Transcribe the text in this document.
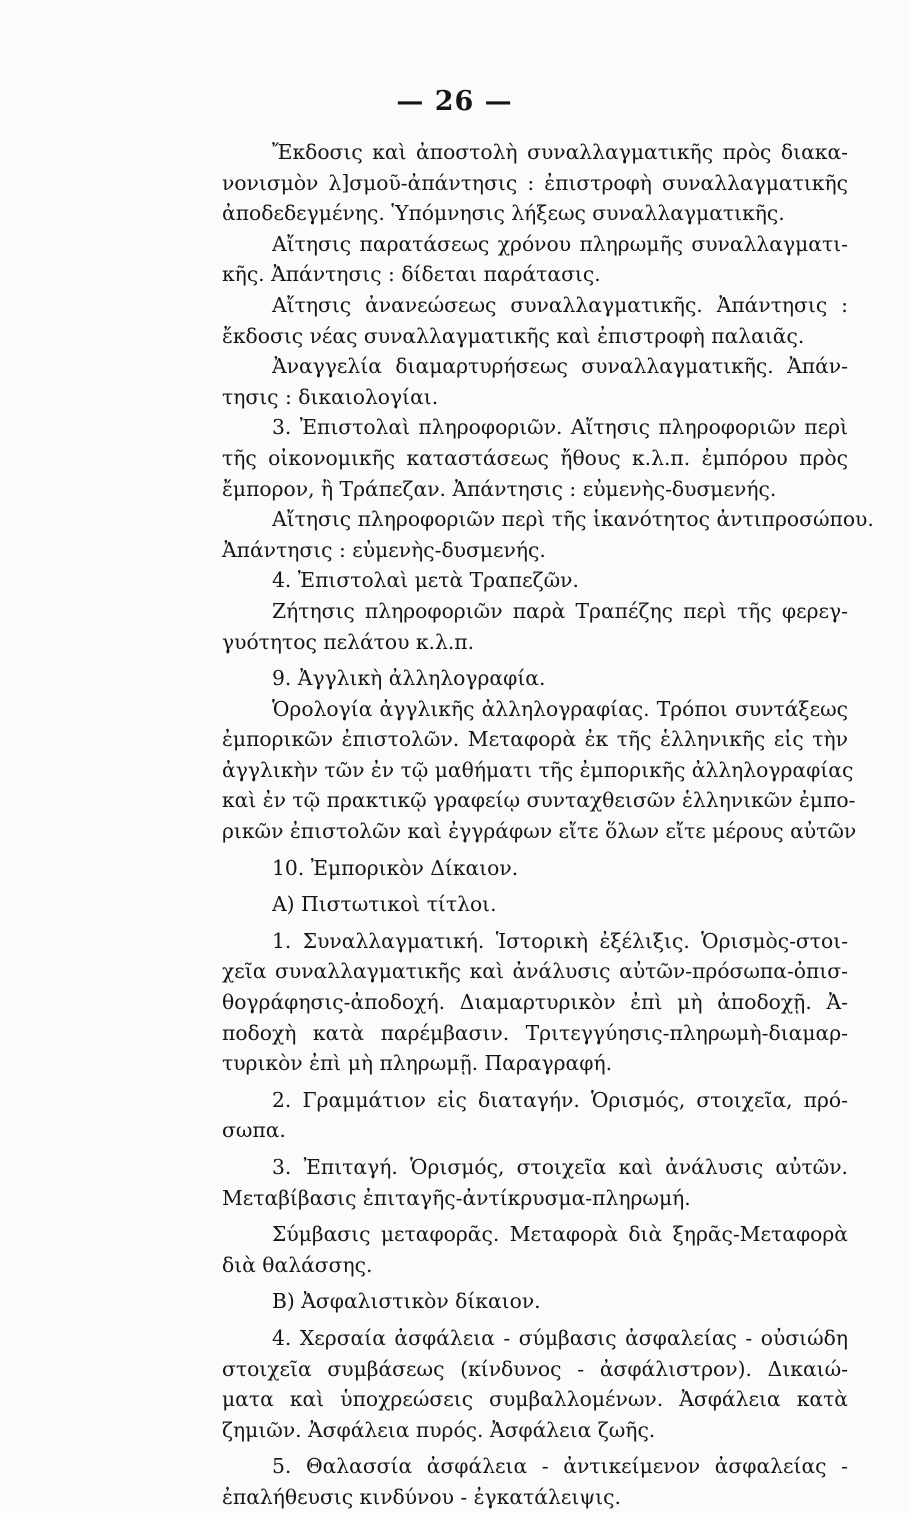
— 26 —
Ἔκδοσις καὶ ἀποστολὴ συναλλαγματικῆς πρὸς διακα-
νονισμὸν λ]σμοῦ-ἀπάντησις : ἐπιστροφὴ συναλλαγματικῆς
ἀποδεδεγμένης. Ὑπόμνησις λήξεως συναλλαγματικῆς.
Αἴτησις παρατάσεως χρόνου πληρωμῆς συναλλαγματι-
κῆς. Ἀπάντησις : δίδεται παράτασις.
Αἴτησις ἀνανεώσεως συναλλαγματικῆς. Ἀπάντησις :
ἔκδοσις νέας συναλλαγματικῆς καὶ ἐπιστροφὴ παλαιᾶς.
Ἀναγγελία διαμαρτυρήσεως συναλλαγματικῆς. Ἀπάν-
τησις : δικαιολογίαι.
3. Ἐπιστολαὶ πληροφοριῶν. Αἴτησις πληροφοριῶν περὶ
τῆς οἰκονομικῆς καταστάσεως ἤθους κ.λ.π. ἐμπόρου πρὸς
ἔμπορον, ἢ Τράπεζαν. Ἀπάντησις : εὐμενὴς-δυσμενής.
Αἴτησις πληροφοριῶν περὶ τῆς ἱκανότητος ἀντιπροσώπου.
Ἀπάντησις : εὐμενὴς-δυσμενής.
4. Ἐπιστολαὶ μετὰ Τραπεζῶν.
Ζήτησις πληροφοριῶν παρὰ Τραπέζης περὶ τῆς φερεγ-
γυότητος πελάτου κ.λ.π.
9. Ἀγγλικὴ ἀλληλογραφία.
Ὁρολογία ἀγγλικῆς ἀλληλογραφίας. Τρόποι συντάξεως
ἐμπορικῶν ἐπιστολῶν. Μεταφορὰ ἐκ τῆς ἑλληνικῆς εἰς τὴν
ἀγγλικὴν τῶν ἐν τῷ μαθήματι τῆς ἐμπορικῆς ἀλληλογραφίας
καὶ ἐν τῷ πρακτικῷ γραφείῳ συνταχθεισῶν ἑλληνικῶν ἐμπο-
ρικῶν ἐπιστολῶν καὶ ἐγγράφων εἴτε ὅλων εἴτε μέρους αὐτῶν
10. Ἐμπορικὸν Δίκαιον.
Α) Πιστωτικοὶ τίτλοι.
1. Συναλλαγματική. Ἱστορικὴ ἐξέλιξις. Ὁρισμὸς-στοι-
χεῖα συναλλαγματικῆς καὶ ἀνάλυσις αὐτῶν-πρόσωπα-ὀπισ-
θογράφησις-ἀποδοχή. Διαμαρτυρικὸν ἐπὶ μὴ ἀποδοχῇ. Ἀ-
ποδοχὴ κατὰ παρέμβασιν. Τριτεγγύησις-πληρωμὴ-διαμαρ-
τυρικὸν ἐπὶ μὴ πληρωμῇ. Παραγραφή.
2. Γραμμάτιον εἰς διαταγήν. Ὁρισμός, στοιχεῖα, πρό-
σωπα.
3. Ἐπιταγή. Ὁρισμός, στοιχεῖα καὶ ἀνάλυσις αὐτῶν.
Μεταβίβασις ἐπιταγῆς-ἀντίκρυσμα-πληρωμή.
Σύμβασις μεταφορᾶς. Μεταφορὰ διὰ ξηρᾶς-Μεταφορὰ
διὰ θαλάσσης.
Β) Ἀσφαλιστικὸν δίκαιον.
4. Χερσαία ἀσφάλεια - σύμβασις ἀσφαλείας - οὐσιώδη
στοιχεῖα συμβάσεως (κίνδυνος - ἀσφάλιστρον). Δικαιώ-
ματα καὶ ὑποχρεώσεις συμβαλλομένων. Ἀσφάλεια κατὰ
ζημιῶν. Ἀσφάλεια πυρός. Ἀσφάλεια ζωῆς.
5. Θαλασσία ἀσφάλεια - ἀντικείμενον ἀσφαλείας -
ἐπαλήθευσις κινδύνου - ἐγκατάλειψις.
